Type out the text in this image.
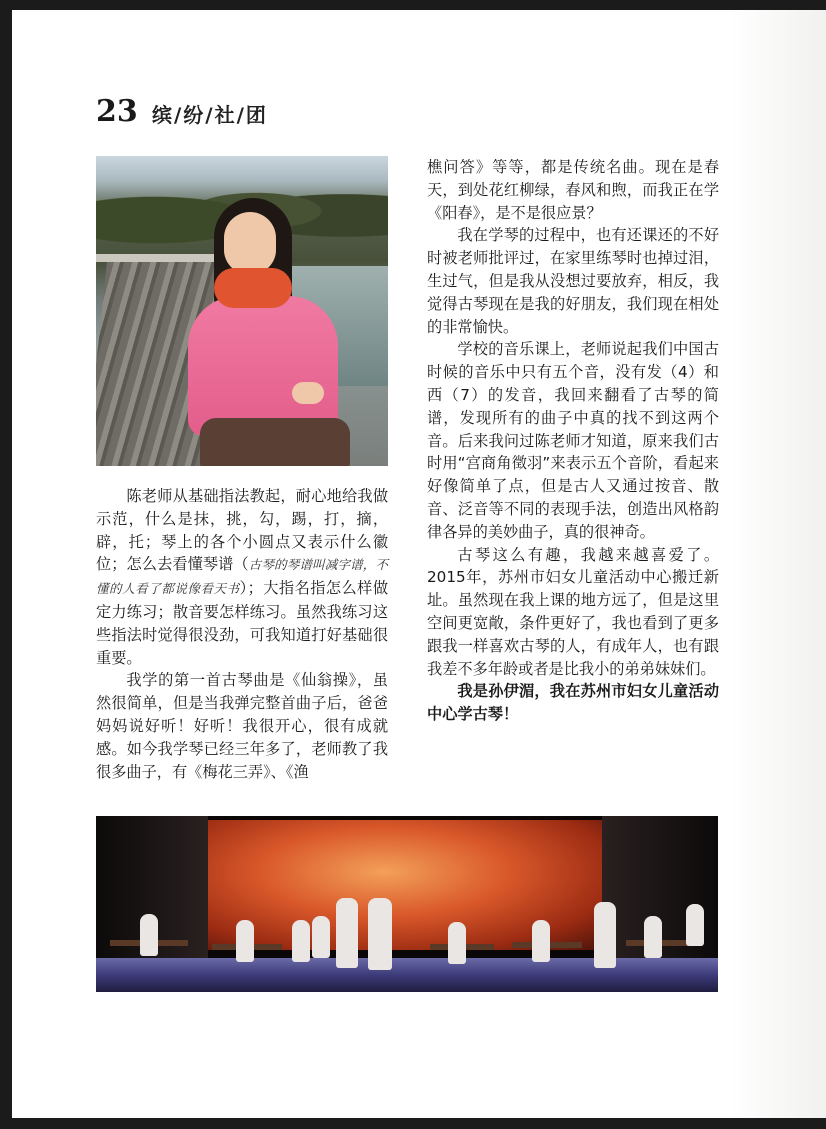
23 缤/纷/社/团

陈老师从基础指法教起，耐心地给我做示范，什么是抹，挑，勾，踢，打，摘，辟，托；琴上的各个小圆点又表示什么徽位；怎么去看懂琴谱（古琴的琴谱叫减字谱，不懂的人看了都说像看天书）；大指名指怎么样做定力练习；散音要怎样练习。虽然我练习这些指法时觉得很没劲，可我知道打好基础很重要。

我学的第一首古琴曲是《仙翁操》，虽然很简单，但是当我弹完整首曲子后，爸爸妈妈说好听！好听！我很开心，很有成就感。如今我学琴已经三年多了，老师教了我很多曲子，有《梅花三弄》、《渔

樵问答》等等，都是传统名曲。现在是春天，到处花红柳绿，春风和煦，而我正在学《阳春》，是不是很应景？

我在学琴的过程中，也有还课还的不好时被老师批评过，在家里练琴时也掉过泪，生过气，但是我从没想过要放弃，相反，我觉得古琴现在是我的好朋友，我们现在相处的非常愉快。

学校的音乐课上，老师说起我们中国古时候的音乐中只有五个音，没有发（4）和西（7）的发音，我回来翻看了古琴的简谱，发现所有的曲子中真的找不到这两个音。后来我问过陈老师才知道，原来我们古时用“宫商角徵羽”来表示五个音阶，看起来好像简单了点，但是古人又通过按音、散音、泛音等不同的表现手法，创造出风格韵律各异的美妙曲子，真的很神奇。

古琴这么有趣，我越来越喜爱了。2015年，苏州市妇女儿童活动中心搬迁新址。虽然现在我上课的地方远了，但是这里空间更宽敞，条件更好了，我也看到了更多跟我一样喜欢古琴的人，有成年人，也有跟我差不多年龄或者是比我小的弟弟妹妹们。

我是孙伊湄，我在苏州市妇女儿童活动中心学古琴！
